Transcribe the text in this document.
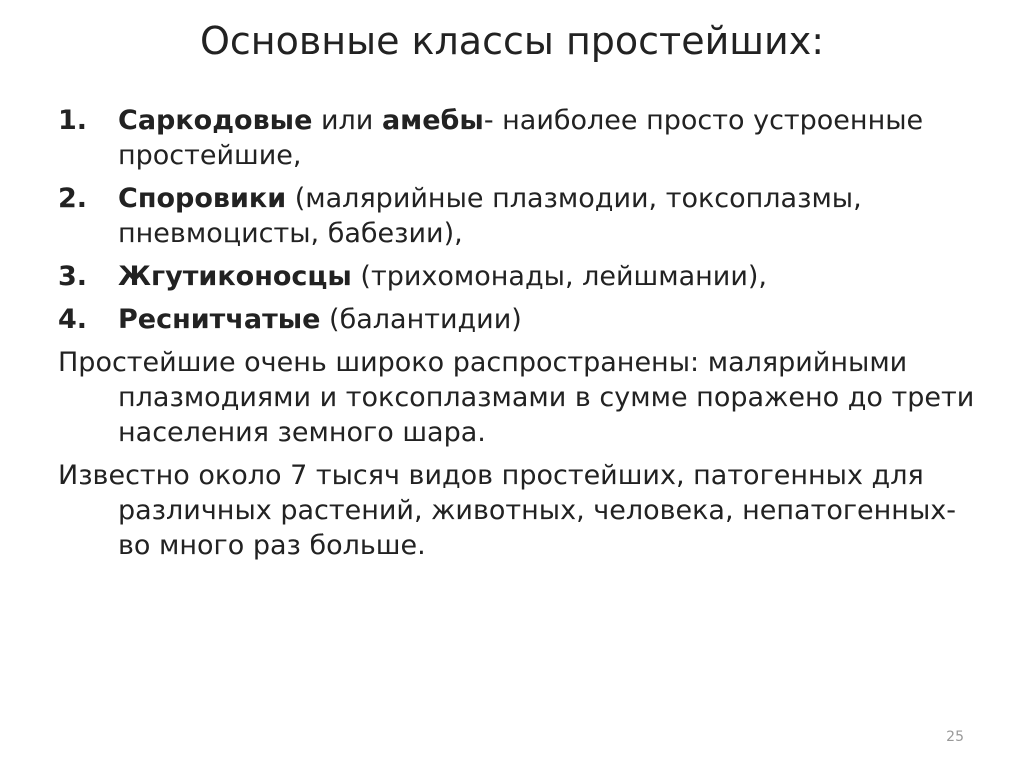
Основные классы простейших:
1. Саркодовые или амебы- наиболее просто устроенные простейшие,
2. Споровики (малярийные плазмодии, токсоплазмы, пневмоцисты, бабезии),
3. Жгутиконосцы (трихомонады, лейшмании),
4. Реснитчатые (балантидии)
Простейшие очень широко распространены: малярийными плазмодиями и токсоплазмами в сумме поражено до трети населения земного шара.
Известно около 7 тысяч видов простейших, патогенных для различных растений, животных, человека, непатогенных- во много раз больше.
25
